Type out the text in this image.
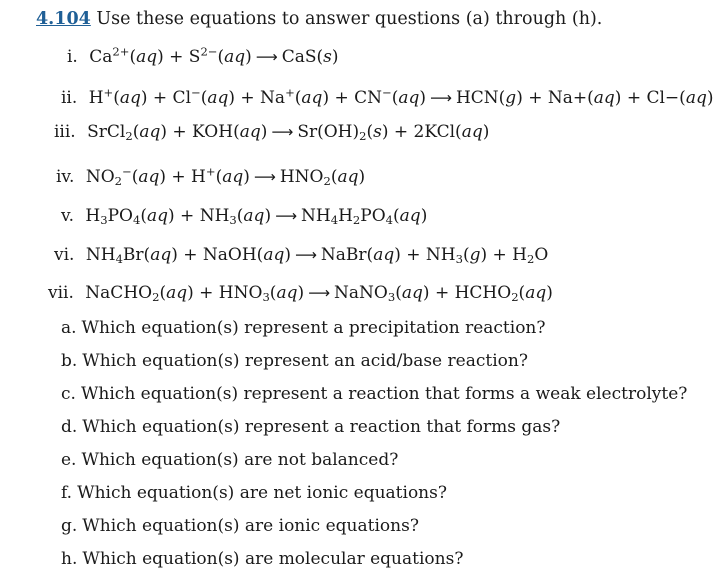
4.104 Use these equations to answer questions (a) through (h).
i. $Ca^{2+}(aq) + S^{2-}(aq)$ ⟶ CaS(s)
ii. H+(aq) + Cl−(aq) + Na+(aq) + CN−(aq) ⟶ HCN(g) + Na+(aq) + Cl−(aq)
iii. SrCl$_2$(aq) + KOH(aq) ⟶ $Sr(OH)_2(s) + 2KCl(aq)$
iv. $NO_2^-(aq) + H^+(aq)$ ⟶ $HNO_2(aq)$
v. $H_3PO_4(aq) + NH_3(aq)$ ⟶ $NH_4H_2PO_4(aq)$
vi. $NH_4Br(aq)$ + NaOH(aq) ⟶ NaBr(aq) + $NH_3(g) + H_2O$
vii. NaCHO$_2$(aq) + $HNO_3(aq)$ ⟶ NaNO$_3$(aq) + $HCHO_2(aq)$
a. Which equation(s) represent a precipitation reaction?
b. Which equation(s) represent an acid/base reaction?
c. Which equation(s) represent a reaction that forms a weak electrolyte?
d. Which equation(s) represent a reaction that forms gas?
e. Which equation(s) are not balanced?
f. Which equation(s) are net ionic equations?
g. Which equation(s) are ionic equations?
h. Which equation(s) are molecular equations?
